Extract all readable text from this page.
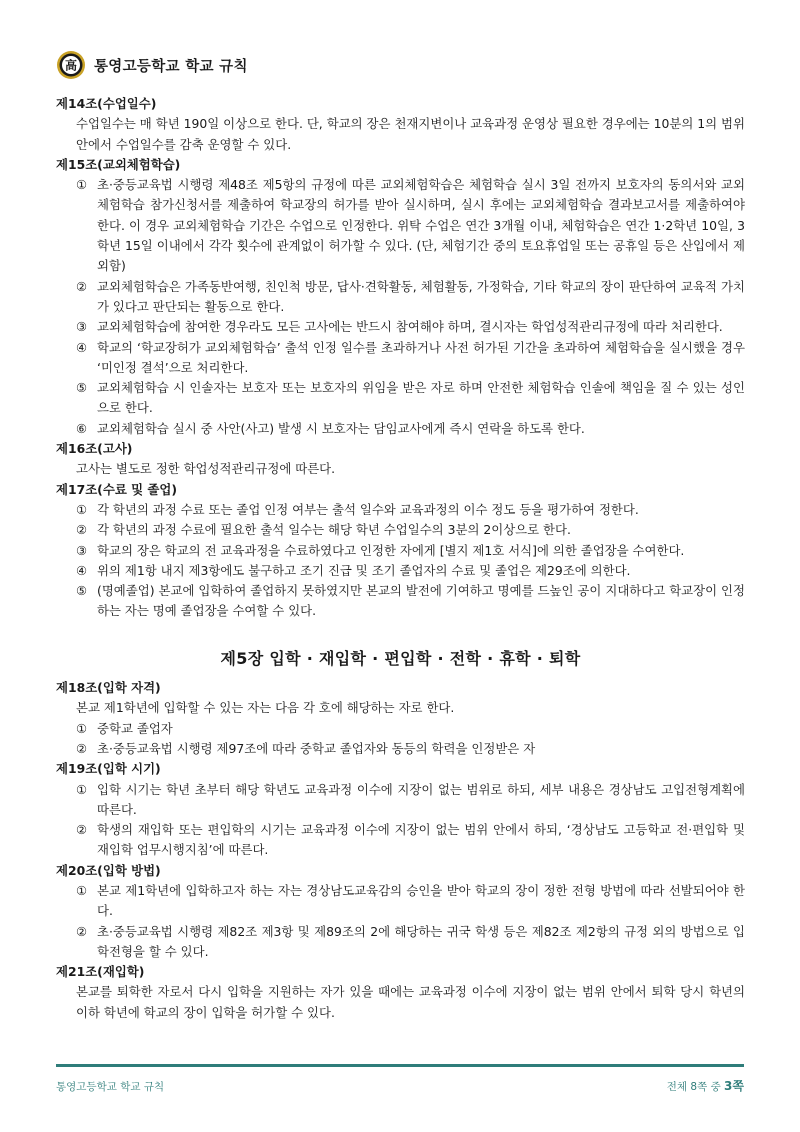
高 통영고등학교 학교 규칙
제14조(수업일수)
수업일수는 매 학년 190일 이상으로 한다. 단, 학교의 장은 천재지변이나 교육과정 운영상 필요한 경우에는 10분의 1의 범위 안에서 수업일수를 감축 운영할 수 있다.
제15조(교외체험학습)
① 초·중등교육법 시행령 제48조 제5항의 규정에 따른 교외체험학습은 체험학습 실시 3일 전까지 보호자의 동의서와 교외체험학습 참가신청서를 제출하여 학교장의 허가를 받아 실시하며, 실시 후에는 교외체험학습 결과보고서를 제출하여야 한다. 이 경우 교외체험학습 기간은 수업으로 인정한다. 위탁 수업은 연간 3개월 이내, 체험학습은 연간 1·2학년 10일, 3학년 15일 이내에서 각각 횟수에 관계없이 허가할 수 있다. (단, 체험기간 중의 토요휴업일 또는 공휴일 등은 산입에서 제외함)
② 교외체험학습은 가족동반여행, 친인척 방문, 답사·견학활동, 체험활동, 가정학습, 기타 학교의 장이 판단하여 교육적 가치가 있다고 판단되는 활동으로 한다.
③ 교외체험학습에 참여한 경우라도 모든 고사에는 반드시 참여해야 하며, 결시자는 학업성적관리규정에 따라 처리한다.
④ 학교의 ‘학교장허가 교외체험학습’ 출석 인정 일수를 초과하거나 사전 허가된 기간을 초과하여 체험학습을 실시했을 경우 ‘미인정 결석’으로 처리한다.
⑤ 교외체험학습 시 인솔자는 보호자 또는 보호자의 위임을 받은 자로 하며 안전한 체험학습 인솔에 책임을 질 수 있는 성인으로 한다.
⑥ 교외체험학습 실시 중 사안(사고) 발생 시 보호자는 담임교사에게 즉시 연락을 하도록 한다.
제16조(고사)
고사는 별도로 정한 학업성적관리규정에 따른다.
제17조(수료 및 졸업)
① 각 학년의 과정 수료 또는 졸업 인정 여부는 출석 일수와 교육과정의 이수 정도 등을 평가하여 정한다.
② 각 학년의 과정 수료에 필요한 출석 일수는 해당 학년 수업일수의 3분의 2이상으로 한다.
③ 학교의 장은 학교의 전 교육과정을 수료하였다고 인정한 자에게 [별지 제1호 서식]에 의한 졸업장을 수여한다.
④ 위의 제1항 내지 제3항에도 불구하고 조기 진급 및 조기 졸업자의 수료 및 졸업은 제29조에 의한다.
⑤ (명예졸업) 본교에 입학하여 졸업하지 못하였지만 본교의 발전에 기여하고 명예를 드높인 공이 지대하다고 학교장이 인정하는 자는 명예 졸업장을 수여할 수 있다.
제5장 입학 · 재입학 · 편입학 · 전학 · 휴학 · 퇴학
제18조(입학 자격)
본교 제1학년에 입학할 수 있는 자는 다음 각 호에 해당하는 자로 한다.
① 중학교 졸업자
② 초·중등교육법 시행령 제97조에 따라 중학교 졸업자와 동등의 학력을 인정받은 자
제19조(입학 시기)
① 입학 시기는 학년 초부터 해당 학년도 교육과정 이수에 지장이 없는 범위로 하되, 세부 내용은 경상남도 고입전형계획에 따른다.
② 학생의 재입학 또는 편입학의 시기는 교육과정 이수에 지장이 없는 범위 안에서 하되, ‘경상남도 고등학교 전·편입학 및 재입학 업무시행지침’에 따른다.
제20조(입학 방법)
① 본교 제1학년에 입학하고자 하는 자는 경상남도교육감의 승인을 받아 학교의 장이 정한 전형 방법에 따라 선발되어야 한다.
② 초·중등교육법 시행령 제82조 제3항 및 제89조의 2에 해당하는 귀국 학생 등은 제82조 제2항의 규정 외의 방법으로 입학전형을 할 수 있다.
제21조(재입학)
본교를 퇴학한 자로서 다시 입학을 지원하는 자가 있을 때에는 교육과정 이수에 지장이 없는 범위 안에서 퇴학 당시 학년의 이하 학년에 학교의 장이 입학을 허가할 수 있다.
통영고등학교 학교 규칙	전체 8쪽 중 3쪽
